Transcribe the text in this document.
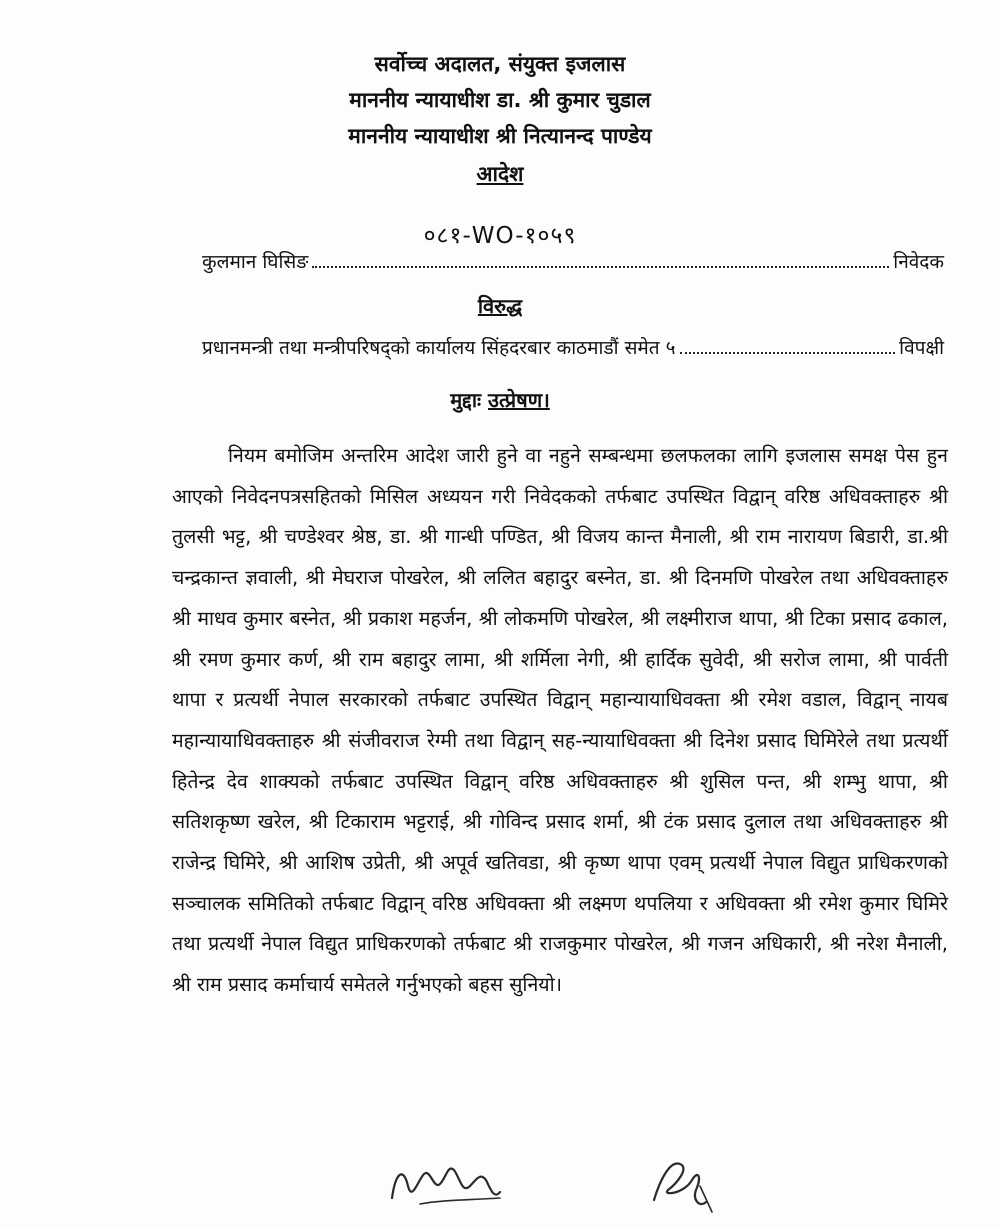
सर्वोच्च अदालत, संयुक्त इजलास
माननीय न्यायाधीश डा. श्री कुमार चुडाल
माननीय न्यायाधीश श्री नित्यानन्द पाण्डेय
आदेश
०८१-WO-१०५९
कुलमान घिसिङ	निवेदक
विरुद्ध
प्रधानमन्त्री तथा मन्त्रीपरिषद्को कार्यालय सिंहदरबार काठमाडौं समेत ५	विपक्षी
मुद्दाः उत्प्रेषण।

नियम बमोजिम अन्तरिम आदेश जारी हुने वा नहुने सम्बन्धमा छलफलका लागि इजलास समक्ष पेस हुन आएको निवेदनपत्रसहितको मिसिल अध्ययन गरी निवेदकको तर्फबाट उपस्थित विद्वान् वरिष्ठ अधिवक्ताहरु श्री तुलसी भट्ट, श्री चण्डेश्वर श्रेष्ठ, डा. श्री गान्धी पण्डित, श्री विजय कान्त मैनाली, श्री राम नारायण बिडारी, डा.श्री चन्द्रकान्त ज्ञवाली, श्री मेघराज पोखरेल, श्री ललित बहादुर बस्नेत, डा. श्री दिनमणि पोखरेल तथा अधिवक्ताहरु श्री माधव कुमार बस्नेत, श्री प्रकाश महर्जन, श्री लोकमणि पोखरेल, श्री लक्ष्मीराज थापा, श्री टिका प्रसाद ढकाल, श्री रमण कुमार कर्ण, श्री राम बहादुर लामा, श्री शर्मिला नेगी, श्री हार्दिक सुवेदी, श्री सरोज लामा, श्री पार्वती थापा र प्रत्यर्थी नेपाल सरकारको तर्फबाट उपस्थित विद्वान् महान्यायाधिवक्ता श्री रमेश वडाल, विद्वान् नायब महान्यायाधिवक्ताहरु श्री संजीवराज रेग्मी तथा विद्वान् सह-न्यायाधिवक्ता श्री दिनेश प्रसाद घिमिरेले तथा प्रत्यर्थी हितेन्द्र देव शाक्यको तर्फबाट उपस्थित विद्वान् वरिष्ठ अधिवक्ताहरु श्री शुसिल पन्त, श्री शम्भु थापा, श्री सतिशकृष्ण खरेल, श्री टिकाराम भट्टराई, श्री गोविन्द प्रसाद शर्मा, श्री टंक प्रसाद दुलाल तथा अधिवक्ताहरु श्री राजेन्द्र घिमिरे, श्री आशिष उप्रेती, श्री अपूर्व खतिवडा, श्री कृष्ण थापा एवम् प्रत्यर्थी नेपाल विद्युत प्राधिकरणको सञ्चालक समितिको तर्फबाट विद्वान् वरिष्ठ अधिवक्ता श्री लक्ष्मण थपलिया र अधिवक्ता श्री रमेश कुमार घिमिरे तथा प्रत्यर्थी नेपाल विद्युत प्राधिकरणको तर्फबाट श्री राजकुमार पोखरेल, श्री गजन अधिकारी, श्री नरेश मैनाली, श्री राम प्रसाद कर्माचार्य समेतले गर्नुभएको बहस सुनियो।
